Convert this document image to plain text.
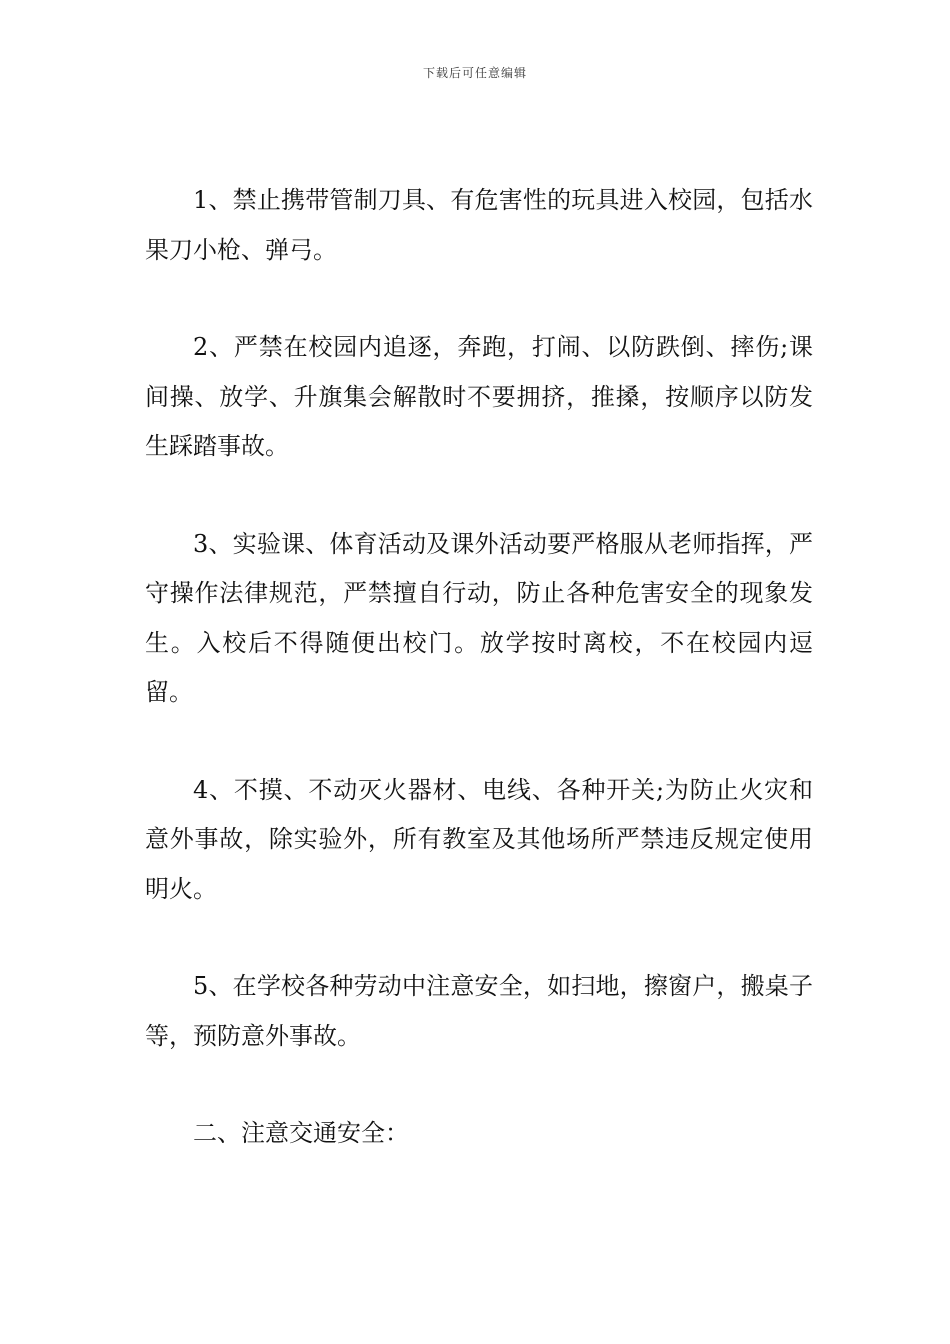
下载后可任意编辑

1、禁止携带管制刀具、有危害性的玩具进入校园，包括水果刀小枪、弹弓。

2、严禁在校园内追逐，奔跑，打闹、以防跌倒、摔伤;课间操、放学、升旗集会解散时不要拥挤，推搡，按顺序以防发生踩踏事故。

3、实验课、体育活动及课外活动要严格服从老师指挥，严守操作法律规范，严禁擅自行动，防止各种危害安全的现象发生。入校后不得随便出校门。放学按时离校，不在校园内逗留。

4、不摸、不动灭火器材、电线、各种开关;为防止火灾和意外事故，除实验外，所有教室及其他场所严禁违反规定使用明火。

5、在学校各种劳动中注意安全，如扫地，擦窗户，搬桌子等，预防意外事故。

二、注意交通安全：
